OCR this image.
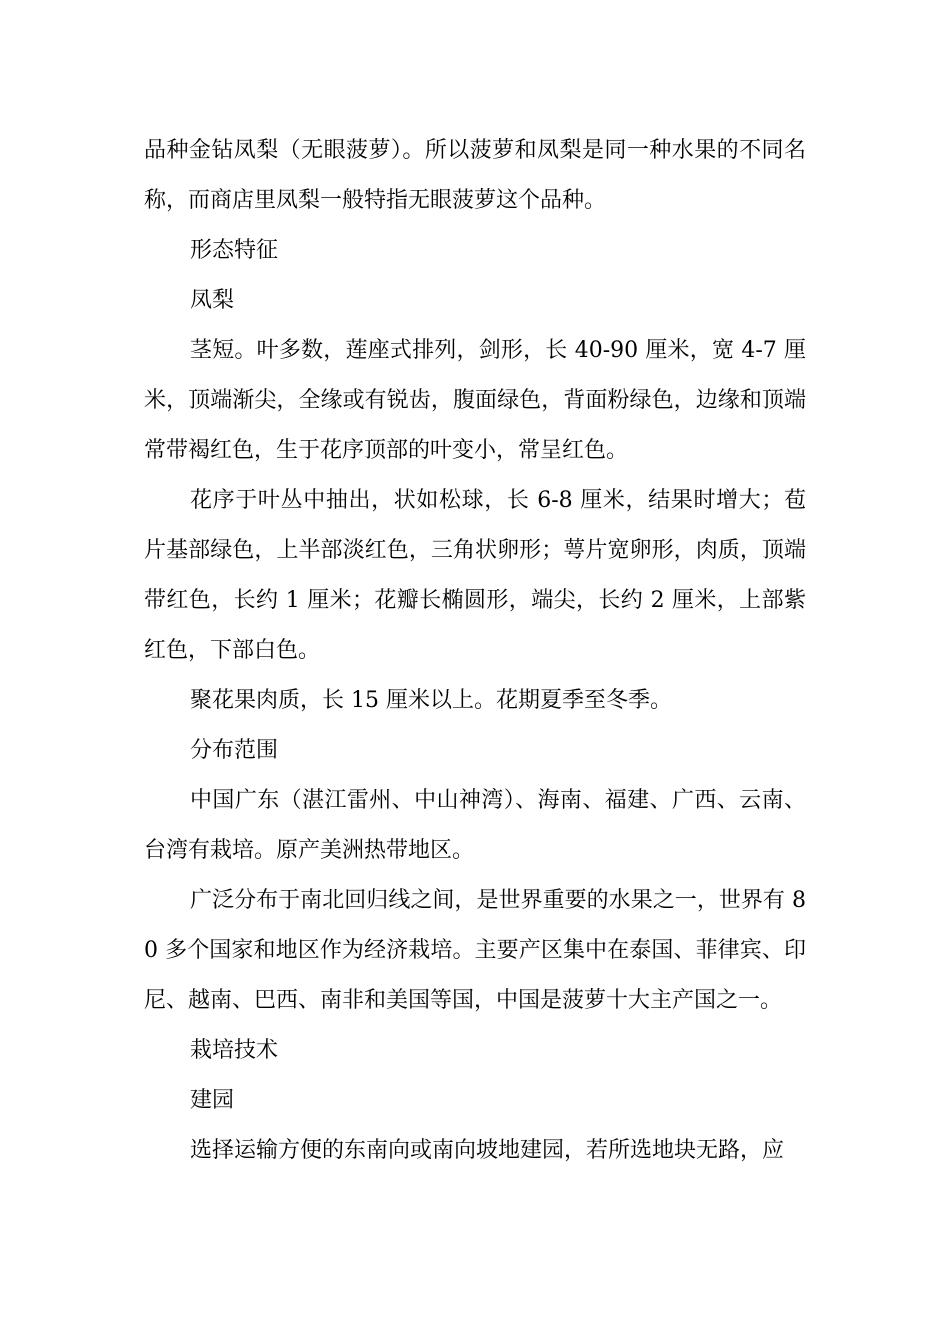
品种金钻凤梨（无眼菠萝）。所以菠萝和凤梨是同一种水果的不同名称，而商店里凤梨一般特指无眼菠萝这个品种。

形态特征

凤梨

茎短。叶多数，莲座式排列，剑形，长 40-90 厘米，宽 4-7 厘米，顶端渐尖，全缘或有锐齿，腹面绿色，背面粉绿色，边缘和顶端常带褐红色，生于花序顶部的叶变小，常呈红色。

花序于叶丛中抽出，状如松球，长 6-8 厘米，结果时增大；苞片基部绿色，上半部淡红色，三角状卵形；萼片宽卵形，肉质，顶端带红色，长约 1 厘米；花瓣长椭圆形，端尖，长约 2 厘米，上部紫红色，下部白色。

聚花果肉质，长 15 厘米以上。花期夏季至冬季。

分布范围

中国广东（湛江雷州、中山神湾）、海南、福建、广西、云南、台湾有栽培。原产美洲热带地区。

广泛分布于南北回归线之间，是世界重要的水果之一，世界有 80 多个国家和地区作为经济栽培。主要产区集中在泰国、菲律宾、印尼、越南、巴西、南非和美国等国，中国是菠萝十大主产国之一。

栽培技术

建园

选择运输方便的东南向或南向坡地建园，若所选地块无路，应
